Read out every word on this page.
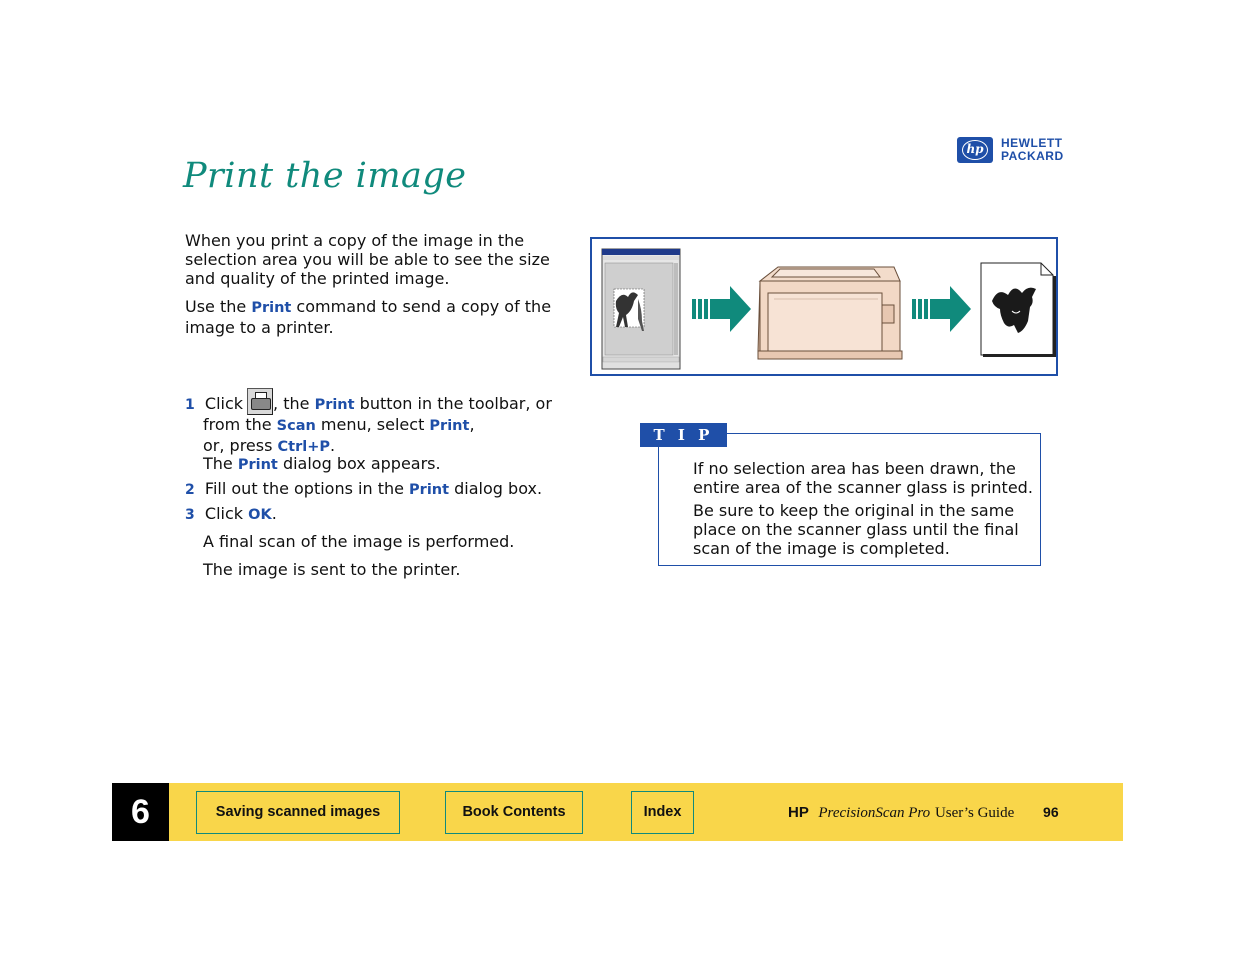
hp	HEWLETT
PACKARD
Print the image
When you print a copy of the image in the selection area you will be able to see the size and quality of the printed image.
Use the Print command to send a copy of the image to a printer.
1 Click , the Print button in the toolbar, or
from the Scan menu, select Print,
or, press Ctrl+P.
The Print dialog box appears.
2 Fill out the options in the Print dialog box.
3 Click OK.
A final scan of the image is performed.
The image is sent to the printer.
T I P
If no selection area has been drawn, the entire area of the scanner glass is printed.
Be sure to keep the original in the same place on the scanner glass until the final scan of the image is completed.
6	Saving scanned images	Book Contents	Index	HP PrecisionScan Pro User’s Guide 96
